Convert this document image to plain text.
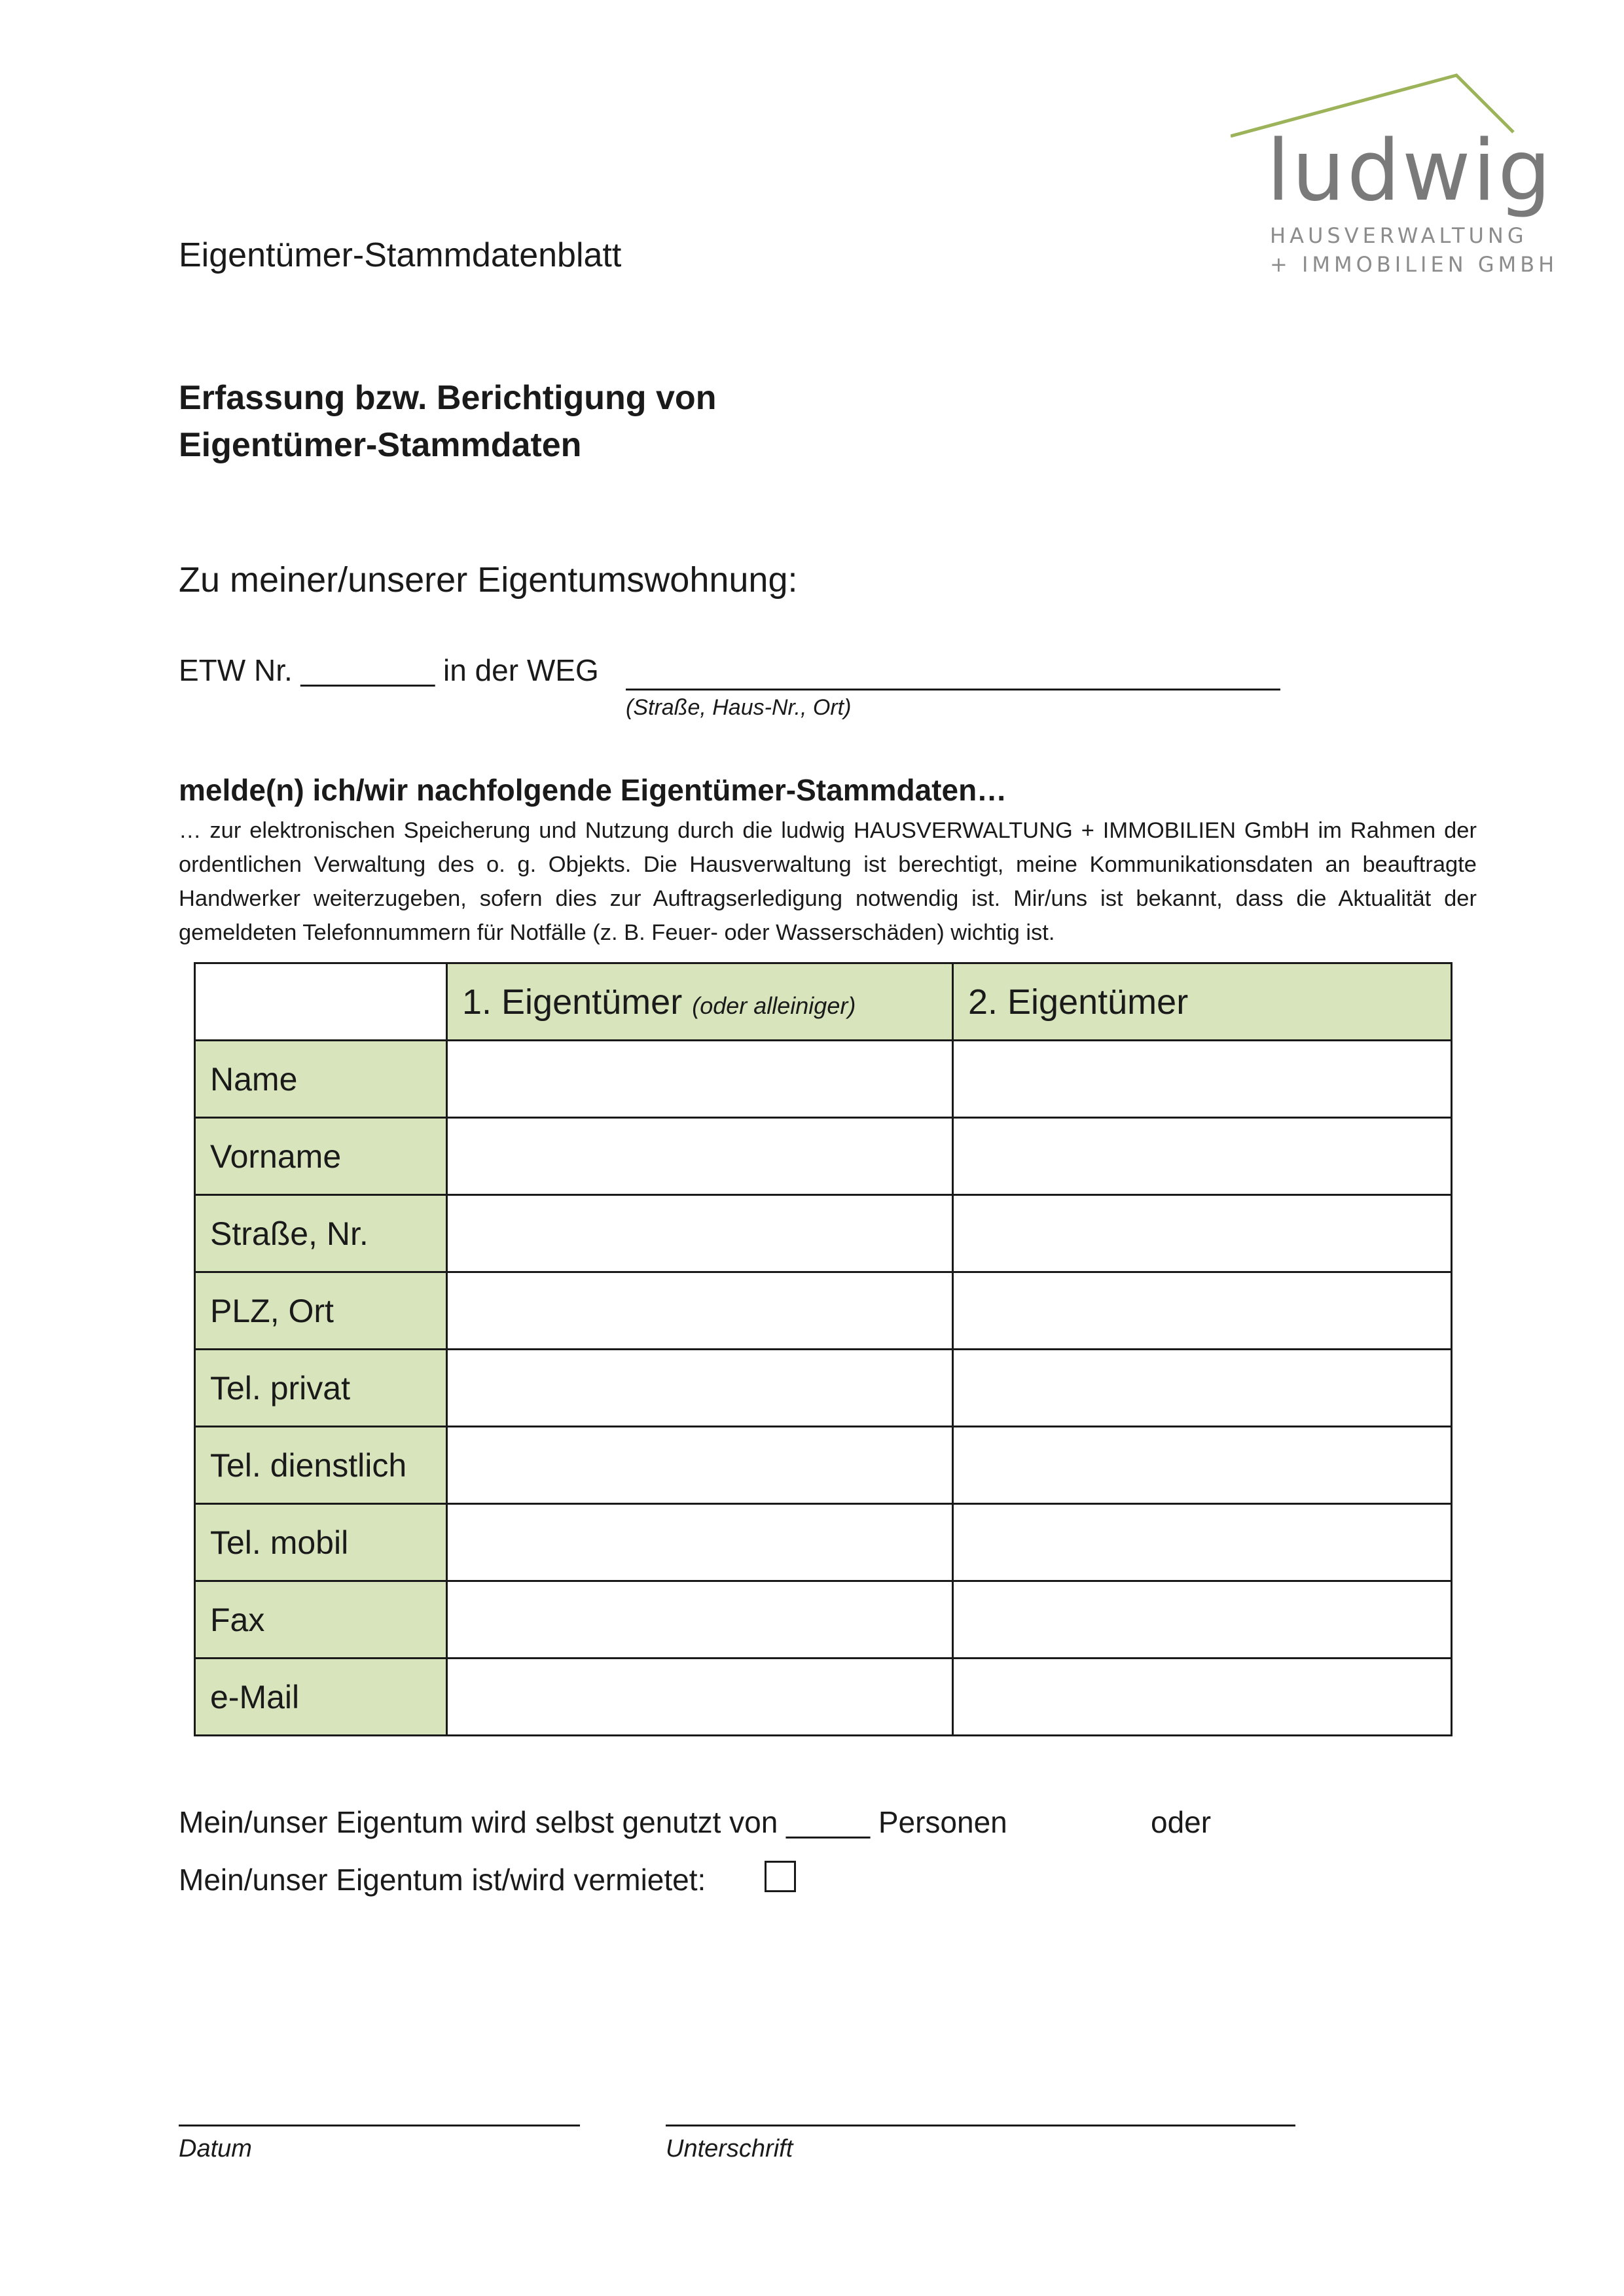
ludwig
HAUSVERWALTUNG
+ IMMOBILIEN GMBH
Eigentümer-Stammdatenblatt
Erfassung bzw. Berichtigung von
Eigentümer-Stammdaten
Zu meiner/unserer Eigentumswohnung:
ETW Nr. ________ in der WEG
(Straße, Haus-Nr., Ort)
melde(n) ich/wir nachfolgende Eigentümer-Stammdaten…
… zur elektronischen Speicherung und Nutzung durch die ludwig HAUSVERWALTUNG + IMMOBILIEN GmbH im Rahmen der ordentlichen Verwaltung des o. g. Objekts. Die Hausverwaltung ist berechtigt, meine Kommunikationsdaten an beauftragte Handwerker weiterzugeben, sofern dies zur Auftragserledigung notwendig ist. Mir/uns ist bekannt, dass die Aktualität der gemeldeten Telefonnummern für Notfälle (z. B. Feuer- oder Wasserschäden) wichtig ist.
	1. Eigentümer (oder alleiniger)	2. Eigentümer
Name		
Vorname		
Straße, Nr.		
PLZ, Ort		
Tel. privat		
Tel. dienstlich		
Tel. mobil		
Fax		
e-Mail		
Mein/unser Eigentum wird selbst genutzt von _____ Personen	oder
Mein/unser Eigentum ist/wird vermietet:
Datum	Unterschrift
